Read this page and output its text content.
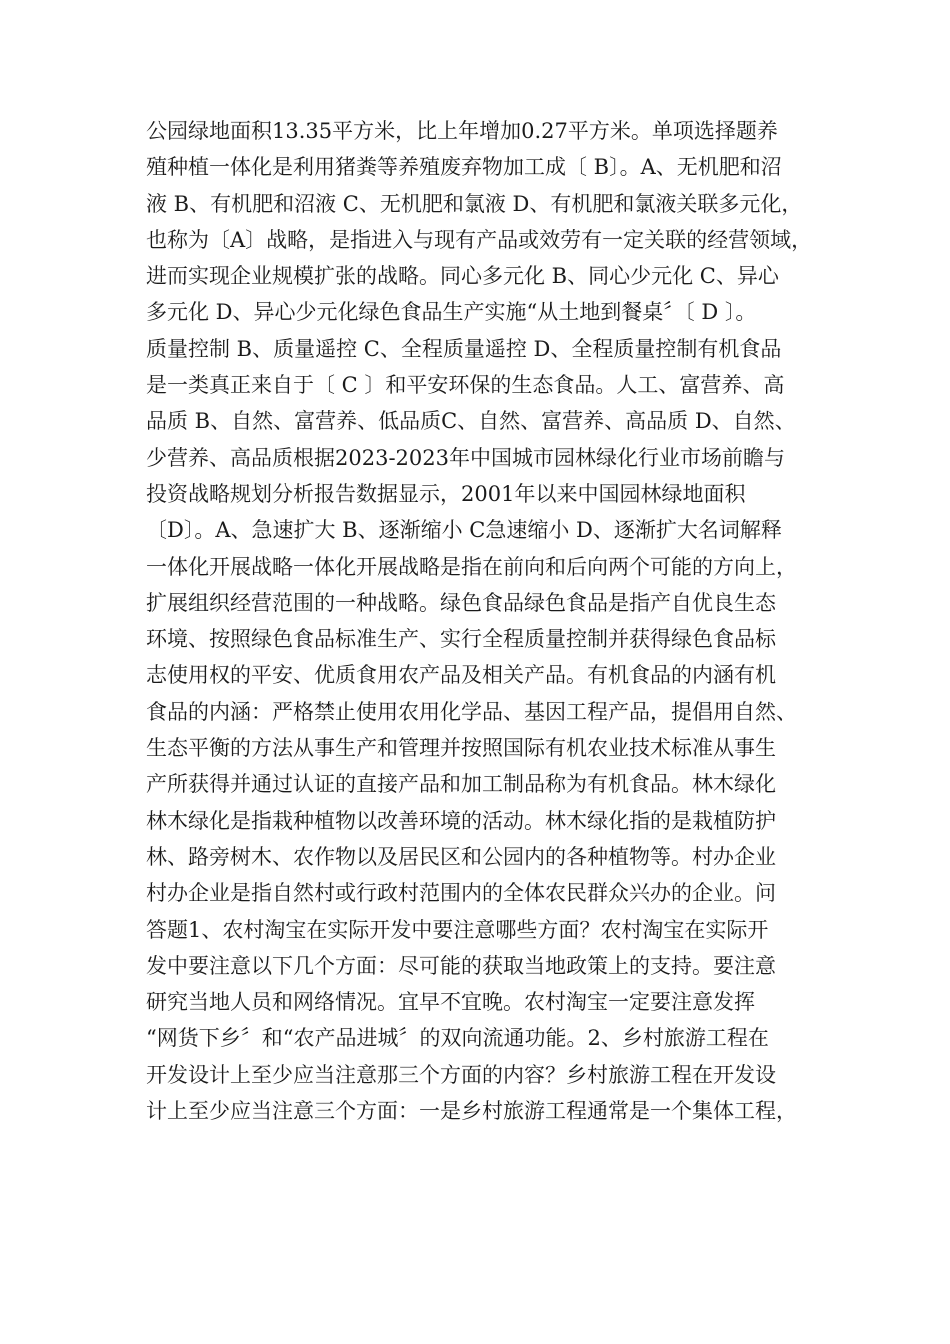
公园绿地面积13.35平方米，比上年增加0.27平方米。单项选择题养
殖种植一体化是利用猪粪等养殖废弃物加工成〔 B〕。A、无机肥和沼
液 B、有机肥和沼液 C、无机肥和氯液 D、有机肥和氯液关联多元化，
也称为〔A〕战略，是指进入与现有产品或效劳有一定关联的经营领域，
进而实现企业规模扩张的战略。同心多元化 B、同心少元化 C、异心
多元化 D、异心少元化绿色食品生产实施“从土地到餐桌〞〔 D 〕。
质量控制 B、质量遥控 C、全程质量遥控 D、全程质量控制有机食品
是一类真正来自于〔 C 〕和平安环保的生态食品。人工、富营养、高
品质 B、自然、富营养、低品质C、自然、富营养、高品质 D、自然、
少营养、高品质根据2023-2023年中国城市园林绿化行业市场前瞻与
投资战略规划分析报告数据显示，2001年以来中国园林绿地面积
〔D〕。A、急速扩大 B、逐渐缩小 C急速缩小 D、逐渐扩大名词解释
一体化开展战略一体化开展战略是指在前向和后向两个可能的方向上，
扩展组织经营范围的一种战略。绿色食品绿色食品是指产自优良生态
环境、按照绿色食品标准生产、实行全程质量控制并获得绿色食品标
志使用权的平安、优质食用农产品及相关产品。有机食品的内涵有机
食品的内涵：严格禁止使用农用化学品、基因工程产品，提倡用自然、
生态平衡的方法从事生产和管理并按照国际有机农业技术标准从事生
产所获得并通过认证的直接产品和加工制品称为有机食品。林木绿化
林木绿化是指栽种植物以改善环境的活动。林木绿化指的是栽植防护
林、路旁树木、农作物以及居民区和公园内的各种植物等。村办企业
村办企业是指自然村或行政村范围内的全体农民群众兴办的企业。问
答题1、农村淘宝在实际开发中要注意哪些方面？农村淘宝在实际开
发中要注意以下几个方面：尽可能的获取当地政策上的支持。要注意
研究当地人员和网络情况。宜早不宜晚。农村淘宝一定要注意发挥
“网货下乡〞和“农产品进城〞的双向流通功能。2、乡村旅游工程在
开发设计上至少应当注意那三个方面的内容？乡村旅游工程在开发设
计上至少应当注意三个方面：一是乡村旅游工程通常是一个集体工程，
